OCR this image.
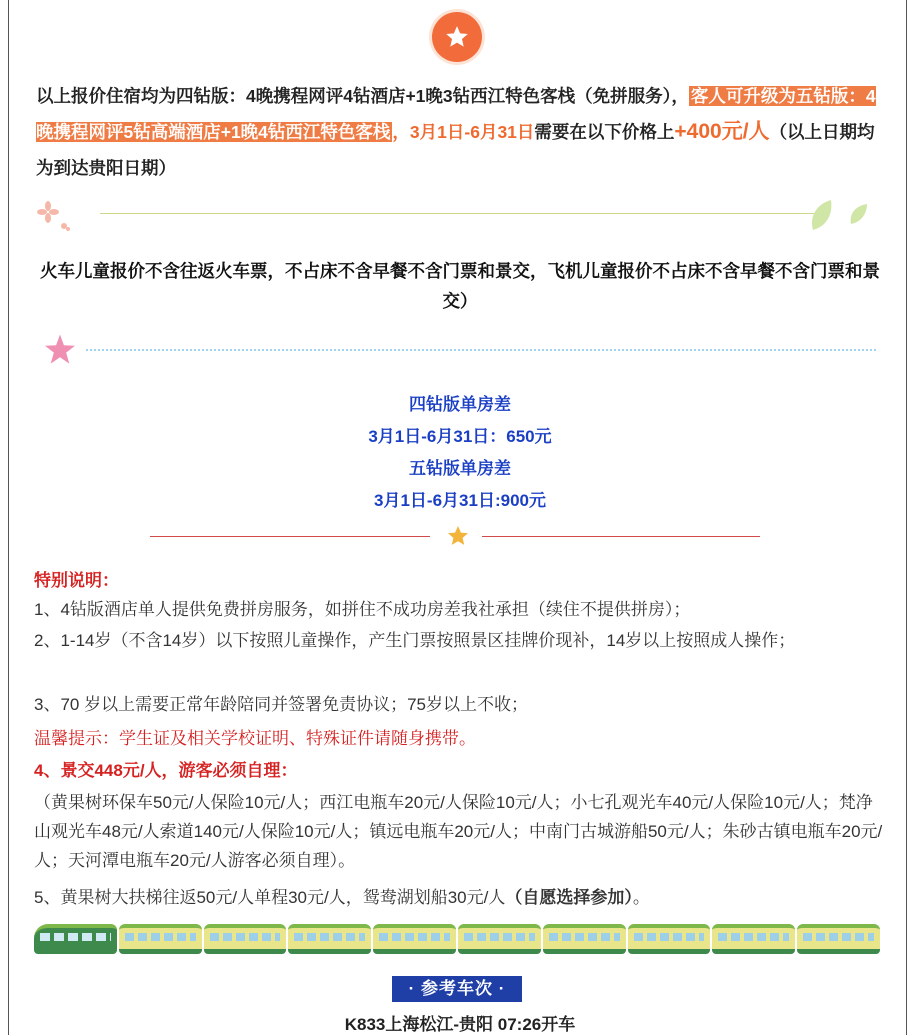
以上报价住宿均为四钻版：4晚携程网评4钻酒店+1晚3钻西江特色客栈（免拼服务）， 客人可升级为五钻版：4晚携程网评5钻高端酒店+1晚4钻西江特色客栈 ，3月1日-6月31日需要在以下价格上+400元/人（以上日期均为到达贵阳日期）
火车儿童报价不含往返火车票，不占床不含早餐不含门票和景交，飞机儿童报价不占床不含早餐不含门票和景交）
四钻版单房差
3月1日-6月31日：650元
五钻版单房差
3月1日-6月31日:900元
特别说明：
1、4钻版酒店单人提供免费拼房服务，如拼住不成功房差我社承担（续住不提供拼房）；
2、1-14岁（不含14岁）以下按照儿童操作，产生门票按照景区挂牌价现补，14岁以上按照成人操作；
3、70 岁以上需要正常年龄陪同并签署免责协议；75岁以上不收；
温馨提示：学生证及相关学校证明、特殊证件请随身携带。
4、景交448元/人，游客必须自理：
（黄果树环保车50元/人保险10元/人；西江电瓶车20元/人保险10元/人；小七孔观光车40元/人保险10元/人；梵净山观光车48元/人索道140元/人保险10元/人；镇远电瓶车20元/人；中南门古城游船50元/人；朱砂古镇电瓶车20元/人；天河潭电瓶车20元/人游客必须自理）。
5、黄果树大扶梯往返50元/人单程30元/人，鸳鸯湖划船30元/人（自愿选择参加）。
· 参考车次 ·
K833上海松江-贵阳 07:26开车
